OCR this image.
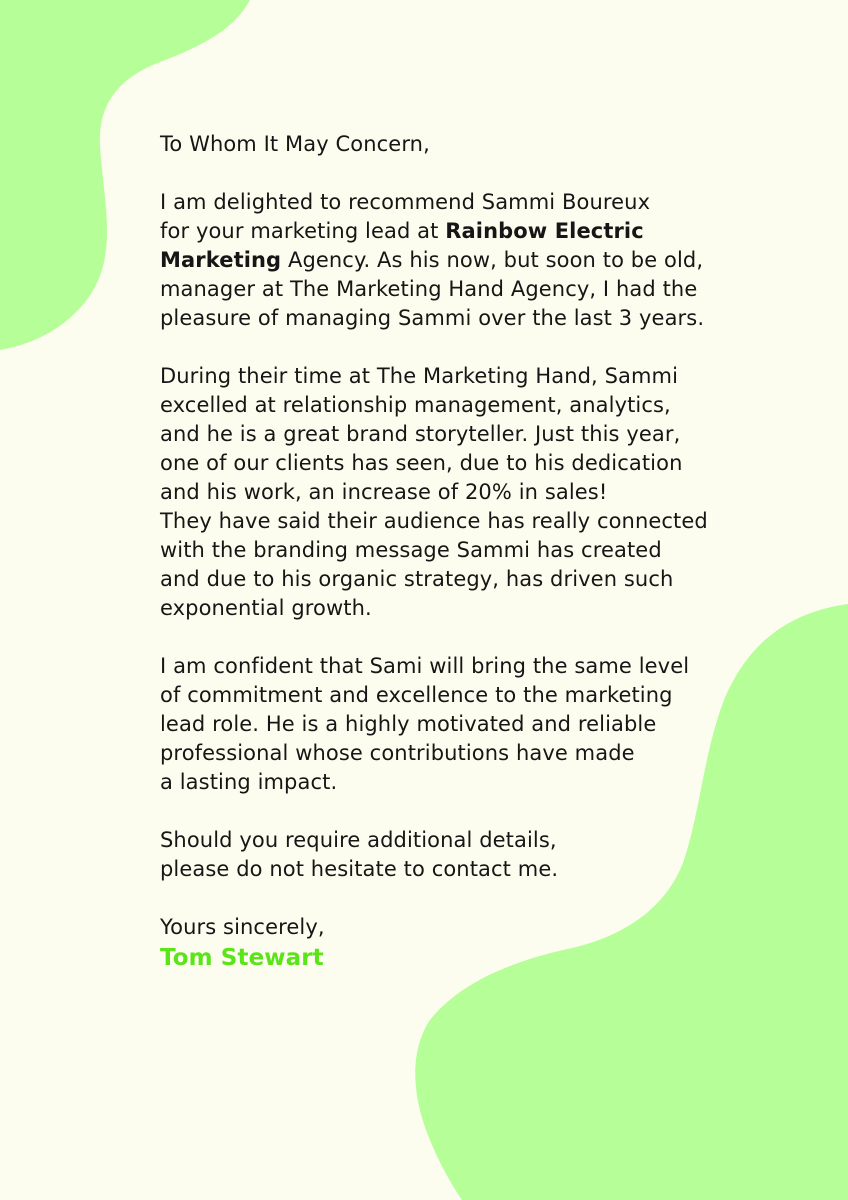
To Whom It May Concern,

I am delighted to recommend Sammi Boureux
for your marketing lead at Rainbow Electric
Marketing Agency. As his now, but soon to be old,
manager at The Marketing Hand Agency, I had the
pleasure of managing Sammi over the last 3 years.

During their time at The Marketing Hand, Sammi
excelled at relationship management, analytics,
and he is a great brand storyteller. Just this year,
one of our clients has seen, due to his dedication
and his work, an increase of 20% in sales!
They have said their audience has really connected
with the branding message Sammi has created
and due to his organic strategy, has driven such
exponential growth.

I am confident that Sami will bring the same level
of commitment and excellence to the marketing
lead role. He is a highly motivated and reliable
professional whose contributions have made
a lasting impact.

Should you require additional details,
please do not hesitate to contact me.

Yours sincerely,
Tom Stewart
